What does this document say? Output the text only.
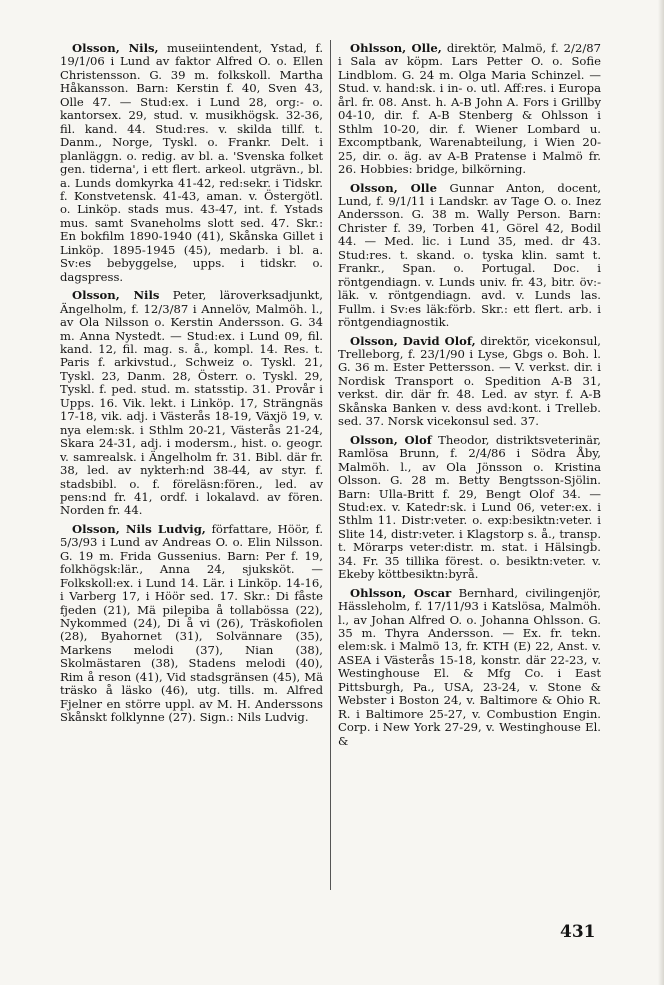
Olsson, Nils, museiintendent, Ystad, f. 19/1/06 i Lund av faktor Alfred O. o. Ellen Christensson. G. 39 m. folkskoll. Martha Håkansson. Barn: Kerstin f. 40, Sven 43, Olle 47. — Stud:ex. i Lund 28, org:- o. kantorsex. 29, stud. v. musikhögsk. 32-36, fil. kand. 44. Stud:res. v. skilda tillf. t. Danm., Norge, Tyskl. o. Frankr. Delt. i planläggn. o. redig. av bl. a. 'Svenska folket gen. tiderna', i ett flert. arkeol. utgrävn., bl. a. Lunds domkyrka 41-42, red:sekr. i Tidskr. f. Konstvetensk. 41-43, aman. v. Östergötl. o. Linköp. stads mus. 43-47, int. f. Ystads mus. samt Svaneholms slott sed. 47. Skr.: En bokfilm 1890-1940 (41), Skånska Gillet i Linköp. 1895-1945 (45), medarb. i bl. a. Sv:es bebyggelse, upps. i tidskr. o. dagspress.

Olsson, Nils Peter, läroverksadjunkt, Ängelholm, f. 12/3/87 i Annelöv, Malmöh. l., av Ola Nilsson o. Kerstin Andersson. G. 34 m. Anna Nystedt. — Stud:ex. i Lund 09, fil. kand. 12, fil. mag. s. å., kompl. 14. Res. t. Paris f. arkivstud., Schweiz o. Tyskl. 21, Tyskl. 23, Danm. 28, Österr. o. Tyskl. 29, Tyskl. f. ped. stud. m. statsstip. 31. Provår i Upps. 16. Vik. lekt. i Linköp. 17, Strängnäs 17-18, vik. adj. i Västerås 18-19, Växjö 19, v. nya elem:sk. i Sthlm 20-21, Västerås 21-24, Skara 24-31, adj. i modersm., hist. o. geogr. v. samrealsk. i Ängelholm fr. 31. Bibl. där fr. 38, led. av nykterh:nd 38-44, av styr. f. stadsbibl. o. f. föreläsn:fören., led. av pens:nd fr. 41, ordf. i lokalavd. av fören. Norden fr. 44.

Olsson, Nils Ludvig, författare, Höör, f. 5/3/93 i Lund av Andreas O. o. Elin Nilsson. G. 19 m. Frida Gussenius. Barn: Per f. 19, folkhögsk:lär., Anna 24, sjuksköt. — Folkskoll:ex. i Lund 14. Lär. i Linköp. 14-16, i Varberg 17, i Höör sed. 17. Skr.: Di fåste fjeden (21), Mä pilepiba å tollabössa (22), Nykommed (24), Di å vi (26), Träskofiolen (28), Byahornet (31), Solvännare (35), Markens melodi (37), Nian (38), Skolmästaren (38), Stadens melodi (40), Rim å reson (41), Vid stadsgränsen (45), Mä träsko å läsko (46), utg. tills. m. Alfred Fjelner en större uppl. av M. H. Anderssons Skånskt folklynne (27). Sign.: Nils Ludvig.

Ohlsson, Olle, direktör, Malmö, f. 2/2/87 i Sala av köpm. Lars Petter O. o. Sofie Lindblom. G. 24 m. Olga Maria Schinzel. — Stud. v. hand:sk. i in- o. utl. Aff:res. i Europa årl. fr. 08. Anst. h. A-B John A. Fors i Grillby 04-10, dir. f. A-B Stenberg & Ohlsson i Sthlm 10-20, dir. f. Wiener Lombard u. Excomptbank, Warenabteilung, i Wien 20-25, dir. o. äg. av A-B Pratense i Malmö fr. 26. Hobbies: bridge, bilkörning.

Olsson, Olle Gunnar Anton, docent, Lund, f. 9/1/11 i Landskr. av Tage O. o. Inez Andersson. G. 38 m. Wally Person. Barn: Christer f. 39, Torben 41, Görel 42, Bodil 44. — Med. lic. i Lund 35, med. dr 43. Stud:res. t. skand. o. tyska klin. samt t. Frankr., Span. o. Portugal. Doc. i röntgendiagn. v. Lunds univ. fr. 43, bitr. öv:läk. v. röntgendiagn. avd. v. Lunds las. Fullm. i Sv:es läk:förb. Skr.: ett flert. arb. i röntgendiagnostik.

Olsson, David Olof, direktör, vicekonsul, Trelleborg, f. 23/1/90 i Lyse, Gbgs o. Boh. l. G. 36 m. Ester Pettersson. — V. verkst. dir. i Nordisk Transport o. Spedition A-B 31, verkst. dir. där fr. 48. Led. av styr. f. A-B Skånska Banken v. dess avd:kont. i Trelleb. sed. 37. Norsk vicekonsul sed. 37.

Olsson, Olof Theodor, distriktsveterinär, Ramlösa Brunn, f. 2/4/86 i Södra Åby, Malmöh. l., av Ola Jönsson o. Kristina Olsson. G. 28 m. Betty Bengtsson-Sjölin. Barn: Ulla-Britt f. 29, Bengt Olof 34. — Stud:ex. v. Katedr:sk. i Lund 06, veter:ex. i Sthlm 11. Distr:veter. o. exp:besiktn:veter. i Slite 14, distr:veter. i Klagstorp s. å., transp. t. Mörarps veter:distr. m. stat. i Hälsingb. 34. Fr. 35 tillika förest. o. besiktn:veter. v. Ekeby köttbesiktn:byrå.

Ohlsson, Oscar Bernhard, civilingenjör, Hässleholm, f. 17/11/93 i Katslösa, Malmöh. l., av Johan Alfred O. o. Johanna Ohlsson. G. 35 m. Thyra Andersson. — Ex. fr. tekn. elem:sk. i Malmö 13, fr. KTH (E) 22, Anst. v. ASEA i Västerås 15-18, konstr. där 22-23, v. Westinghouse El. & Mfg Co. i East Pittsburgh, Pa., USA, 23-24, v. Stone & Webster i Boston 24, v. Baltimore & Ohio R. R. i Baltimore 25-27, v. Combustion Engin. Corp. i New York 27-29, v. Westinghouse El. &

431
